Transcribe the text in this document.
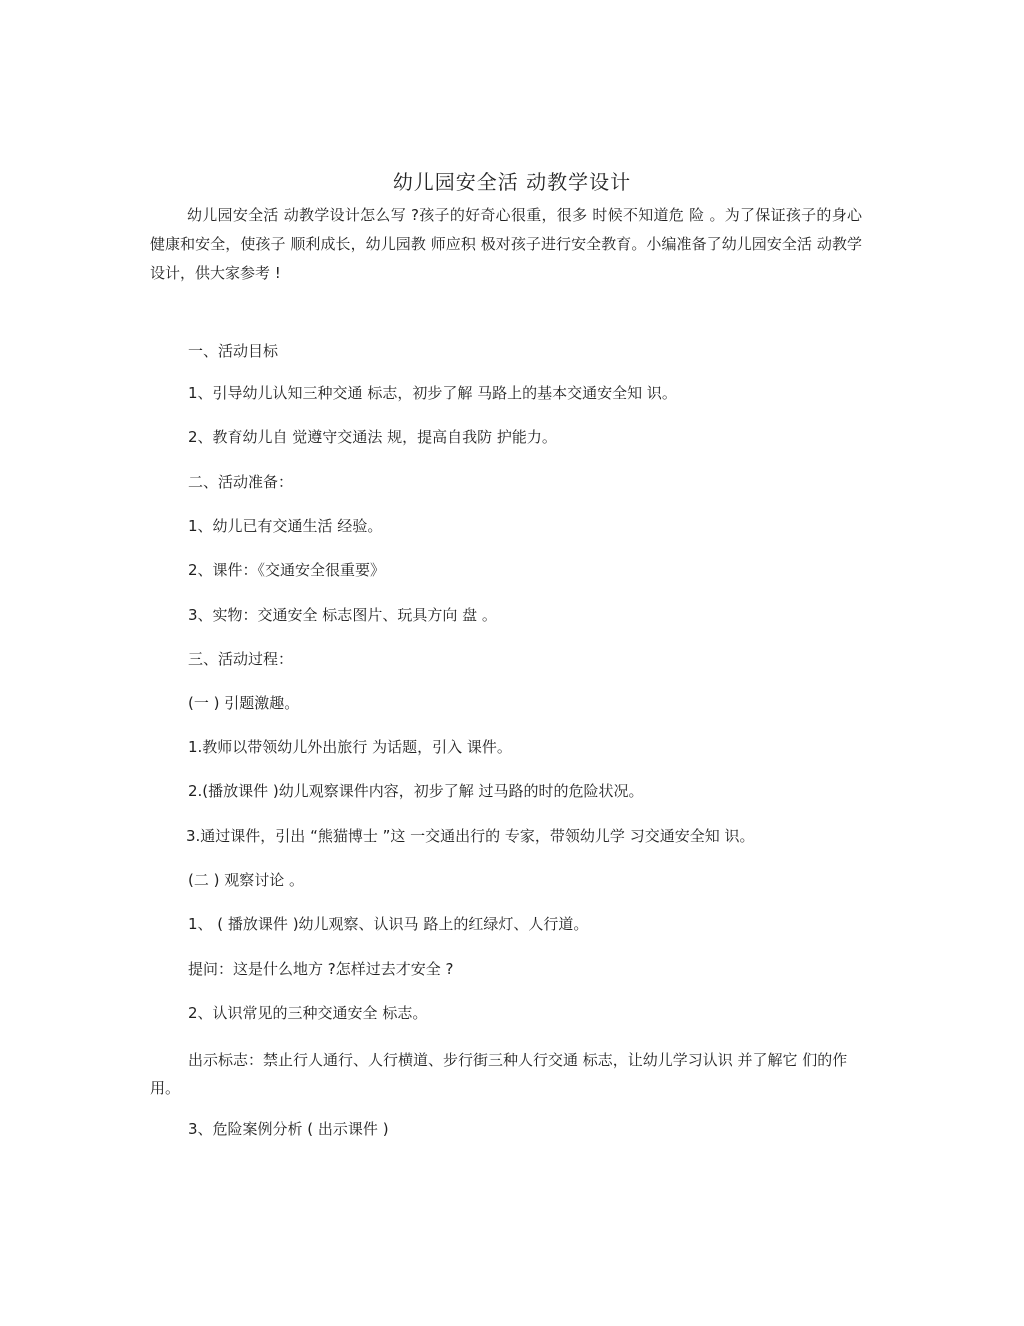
幼儿园安全活 动教学设计
幼儿园安全活 动教学设计怎么写 ?孩子的好奇心很重，很多 时候不知道危 险 。为了保证孩子的身心健康和安全，使孩子 顺利成长，幼儿园教 师应积 极对孩子进行安全教育。小编准备了幼儿园安全活 动教学设计，供大家参考 !
一、活动目标
1、引导幼儿认知三种交通 标志，初步了解 马路上的基本交通安全知 识。
2、教育幼儿自 觉遵守交通法 规，提高自我防 护能力。
二、活动准备：
1、幼儿已有交通生活 经验。
2、课件：《交通安全很重要》
3、实物：交通安全 标志图片、玩具方向 盘 。
三、活动过程：
(一 ) 引题激趣。
1.教师以带领幼儿外出旅行 为话题，引入 课件。
2.(播放课件 )幼儿观察课件内容，初步了解 过马路的时的危险状况。
3.通过课件，引出 “熊猫博士 ”这 一交通出行的 专家，带领幼儿学 习交通安全知 识。
(二 ) 观察讨论 。
1、 ( 播放课件 )幼儿观察、认识马 路上的红绿灯、人行道。
提问：这是什么地方 ?怎样过去才安全 ?
2、认识常见的三种交通安全 标志。
出示标志：禁止行人通行、人行横道、步行街三种人行交通 标志，让幼儿学习认识 并了解它 们的作用。
3、危险案例分析 ( 出示课件 )
